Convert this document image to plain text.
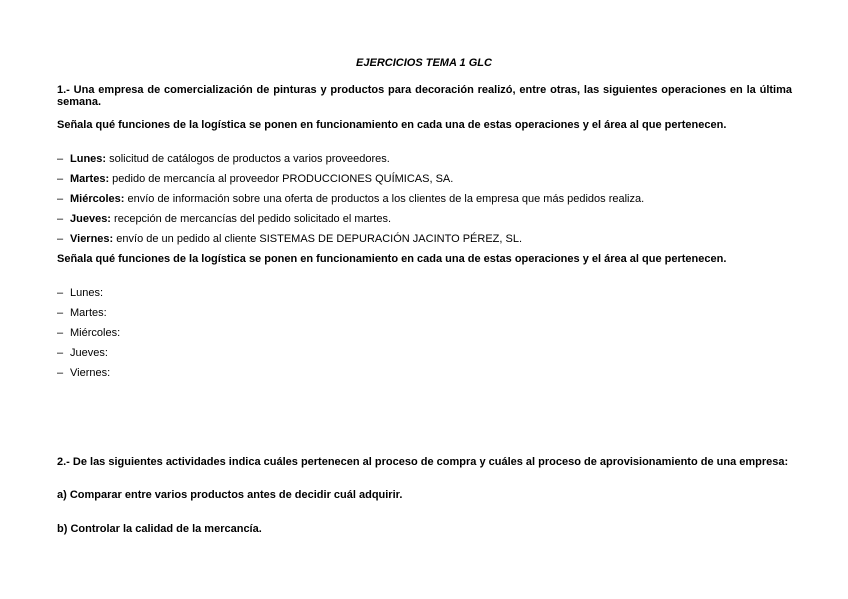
EJERCICIOS TEMA 1 GLC
1.- Una empresa de comercialización de pinturas y productos para decoración realizó, entre otras, las siguientes operaciones en la última semana.
Señala qué funciones de la logística se ponen en funcionamiento en cada una de estas operaciones y el área al que pertenecen.
– Lunes: solicitud de catálogos de productos a varios proveedores.
– Martes: pedido de mercancía al proveedor PRODUCCIONES QUÍMICAS, SA.
– Miércoles: envío de información sobre una oferta de productos a los clientes de la empresa que más pedidos realiza.
– Jueves: recepción de mercancías del pedido solicitado el martes.
– Viernes: envío de un pedido al cliente SISTEMAS DE DEPURACIÓN JACINTO PÉREZ, SL.
Señala qué funciones de la logística se ponen en funcionamiento en cada una de estas operaciones y el área al que pertenecen.
– Lunes:
– Martes:
– Miércoles:
– Jueves:
– Viernes:
2.- De las siguientes actividades indica cuáles pertenecen al proceso de compra y cuáles al proceso de aprovisionamiento de una empresa:
a) Comparar entre varios productos antes de decidir cuál adquirir.
b) Controlar la calidad de la mercancía.
